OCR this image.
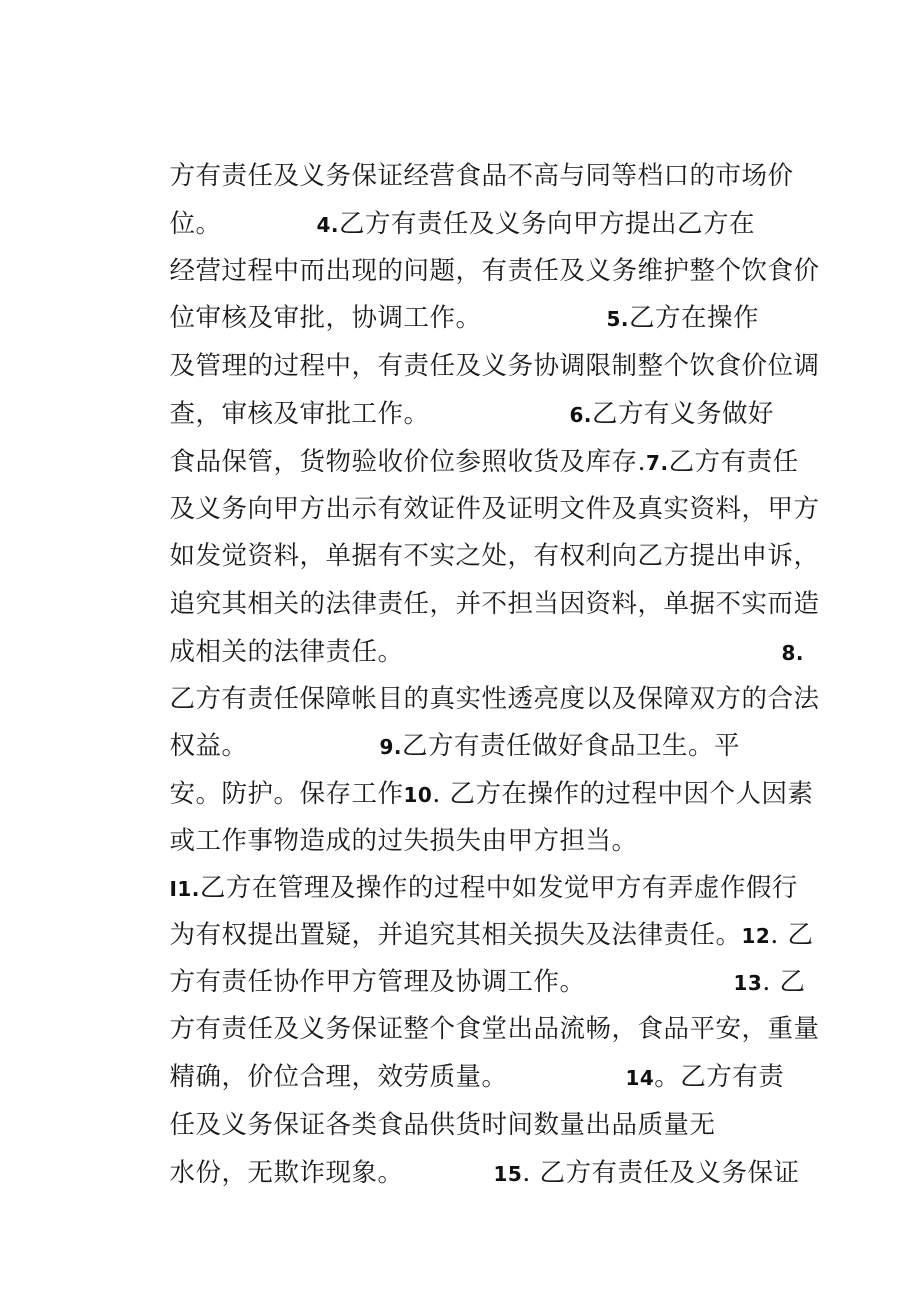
方有责任及义务保证经营食品不高与同等档口的市场价

位。	4.乙方有责任及义务向甲方提出乙方在

经营过程中而出现的问题，有责任及义务维护整个饮食价

位审核及审批，协调工作。	5.乙方在操作

及管理的过程中，有责任及义务协调限制整个饮食价位调

查，审核及审批工作。	6.乙方有义务做好

食品保管，货物验收价位参照收货及库存.7.乙方有责任

及义务向甲方出示有效证件及证明文件及真实资料，甲方

如发觉资料，单据有不实之处，有权利向乙方提出申诉，

追究其相关的法律责任，并不担当因资料，单据不实而造

成相关的法律责任。	8.

乙方有责任保障帐目的真实性透亮度以及保障双方的合法

权益。	9.乙方有责任做好食品卫生。平

安。防护。保存工作10. 乙方在操作的过程中因个人因素

或工作事物造成的过失损失由甲方担当。

I1.乙方在管理及操作的过程中如发觉甲方有弄虚作假行

为有权提出置疑，并追究其相关损失及法律责任。12. 乙

方有责任协作甲方管理及协调工作。	13. 乙

方有责任及义务保证整个食堂出品流畅，食品平安，重量

精确，价位合理，效劳质量。	14。乙方有责

任及义务保证各类食品供货时间数量出品质量无

水份，无欺诈现象。	15. 乙方有责任及义务保证
